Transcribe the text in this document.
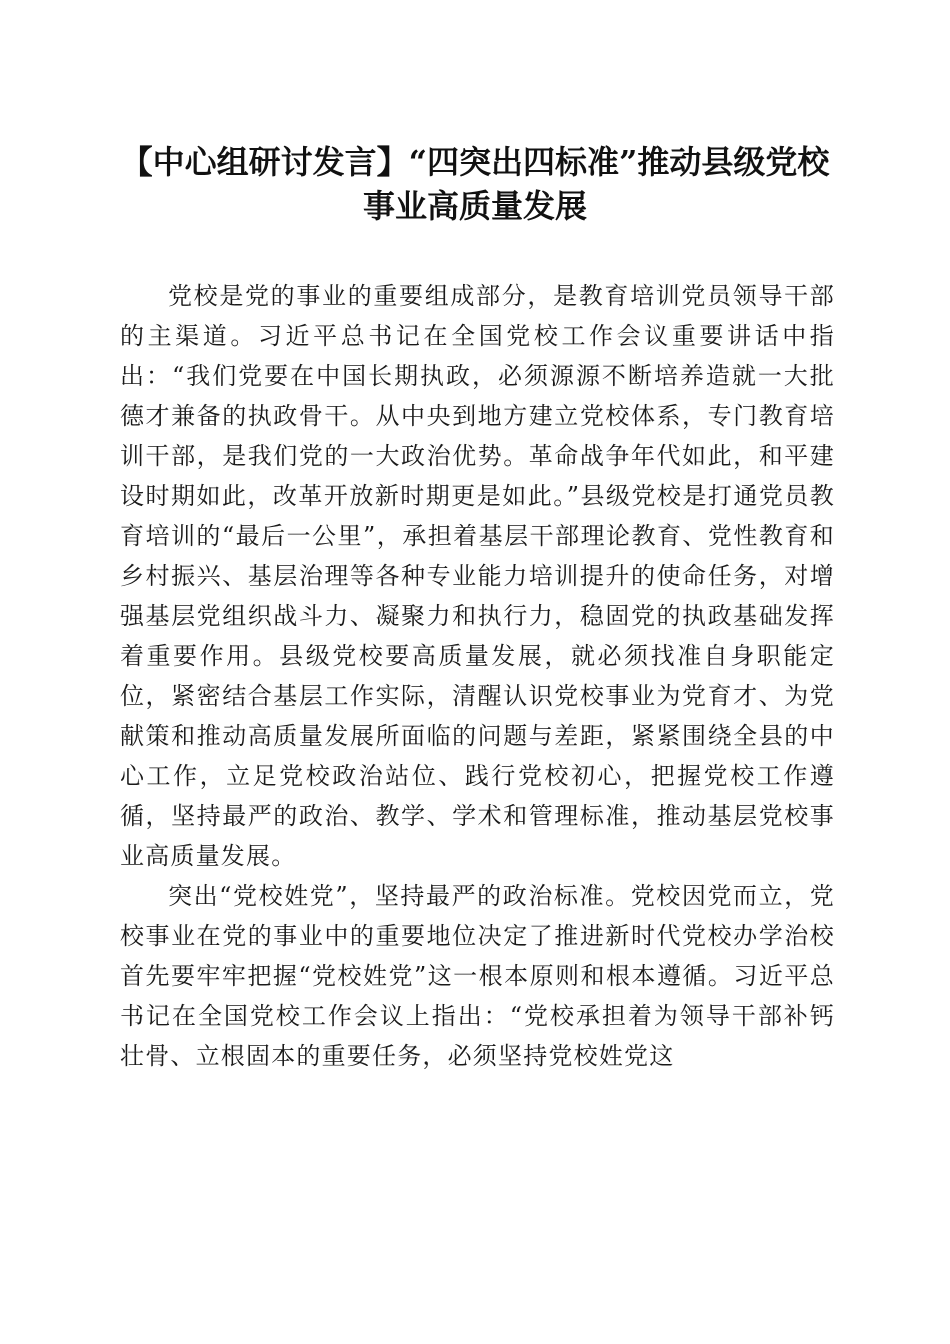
【中心组研讨发言】“四突出四标准”推动县级党校事业高质量发展

党校是党的事业的重要组成部分，是教育培训党员领导干部的主渠道。习近平总书记在全国党校工作会议重要讲话中指出：“我们党要在中国长期执政，必须源源不断培养造就一大批德才兼备的执政骨干。从中央到地方建立党校体系，专门教育培训干部，是我们党的一大政治优势。革命战争年代如此，和平建设时期如此，改革开放新时期更是如此。”县级党校是打通党员教育培训的“最后一公里”，承担着基层干部理论教育、党性教育和乡村振兴、基层治理等各种专业能力培训提升的使命任务，对增强基层党组织战斗力、凝聚力和执行力，稳固党的执政基础发挥着重要作用。县级党校要高质量发展，就必须找准自身职能定位，紧密结合基层工作实际，清醒认识党校事业为党育才、为党献策和推动高质量发展所面临的问题与差距，紧紧围绕全县的中心工作，立足党校政治站位、践行党校初心，把握党校工作遵循，坚持最严的政治、教学、学术和管理标准，推动基层党校事业高质量发展。

突出“党校姓党”，坚持最严的政治标准。党校因党而立，党校事业在党的事业中的重要地位决定了推进新时代党校办学治校首先要牢牢把握“党校姓党”这一根本原则和根本遵循。习近平总书记在全国党校工作会议上指出：“党校承担着为领导干部补钙壮骨、立根固本的重要任务，必须坚持党校姓党这
